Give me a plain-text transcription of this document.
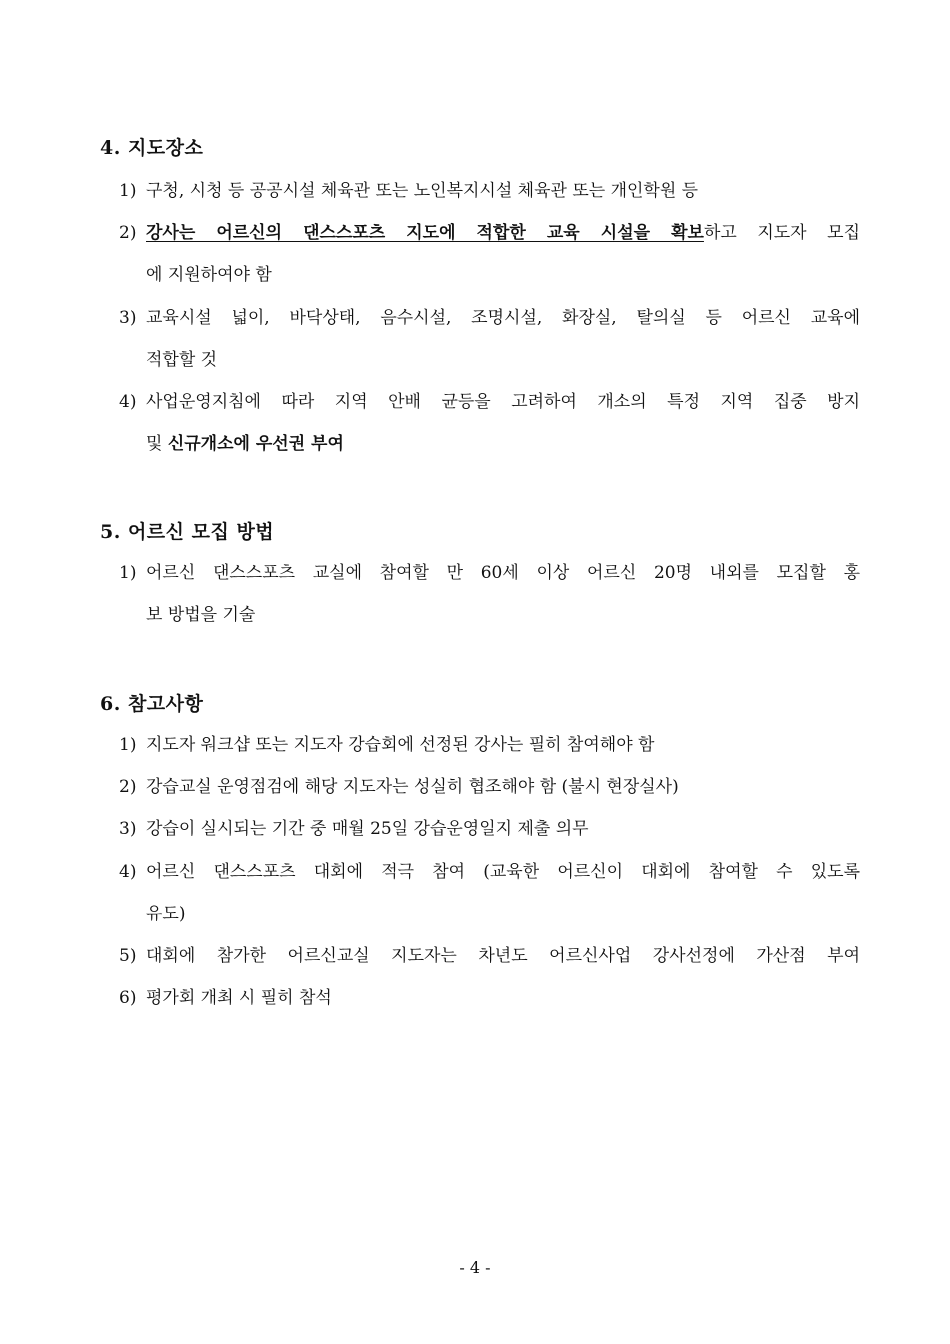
4. 지도장소
1) 구청, 시청 등 공공시설 체육관 또는 노인복지시설 체육관 또는 개인학원 등
2) 강사는 어르신의 댄스스포츠 지도에 적합한 교육 시설을 확보하고 지도자 모집
에 지원하여야 함
3) 교육시설 넓이, 바닥상태, 음수시설, 조명시설, 화장실, 탈의실 등 어르신 교육에
적합할 것
4) 사업운영지침에 따라 지역 안배 균등을 고려하여 개소의 특정 지역 집중 방지
및 신규개소에 우선권 부여
5. 어르신 모집 방법
1) 어르신 댄스스포츠 교실에 참여할 만 60세 이상 어르신 20명 내외를 모집할 홍
보 방법을 기술
6. 참고사항
1) 지도자 워크샵 또는 지도자 강습회에 선정된 강사는 필히 참여해야 함
2) 강습교실 운영점검에 해당 지도자는 성실히 협조해야 함 (불시 현장실사)
3) 강습이 실시되는 기간 중 매월 25일 강습운영일지 제출 의무
4) 어르신 댄스스포츠 대회에 적극 참여 (교육한 어르신이 대회에 참여할 수 있도록
유도)
5) 대회에 참가한 어르신교실 지도자는 차년도 어르신사업 강사선정에 가산점 부여
6) 평가회 개최 시 필히 참석
- 4 -
